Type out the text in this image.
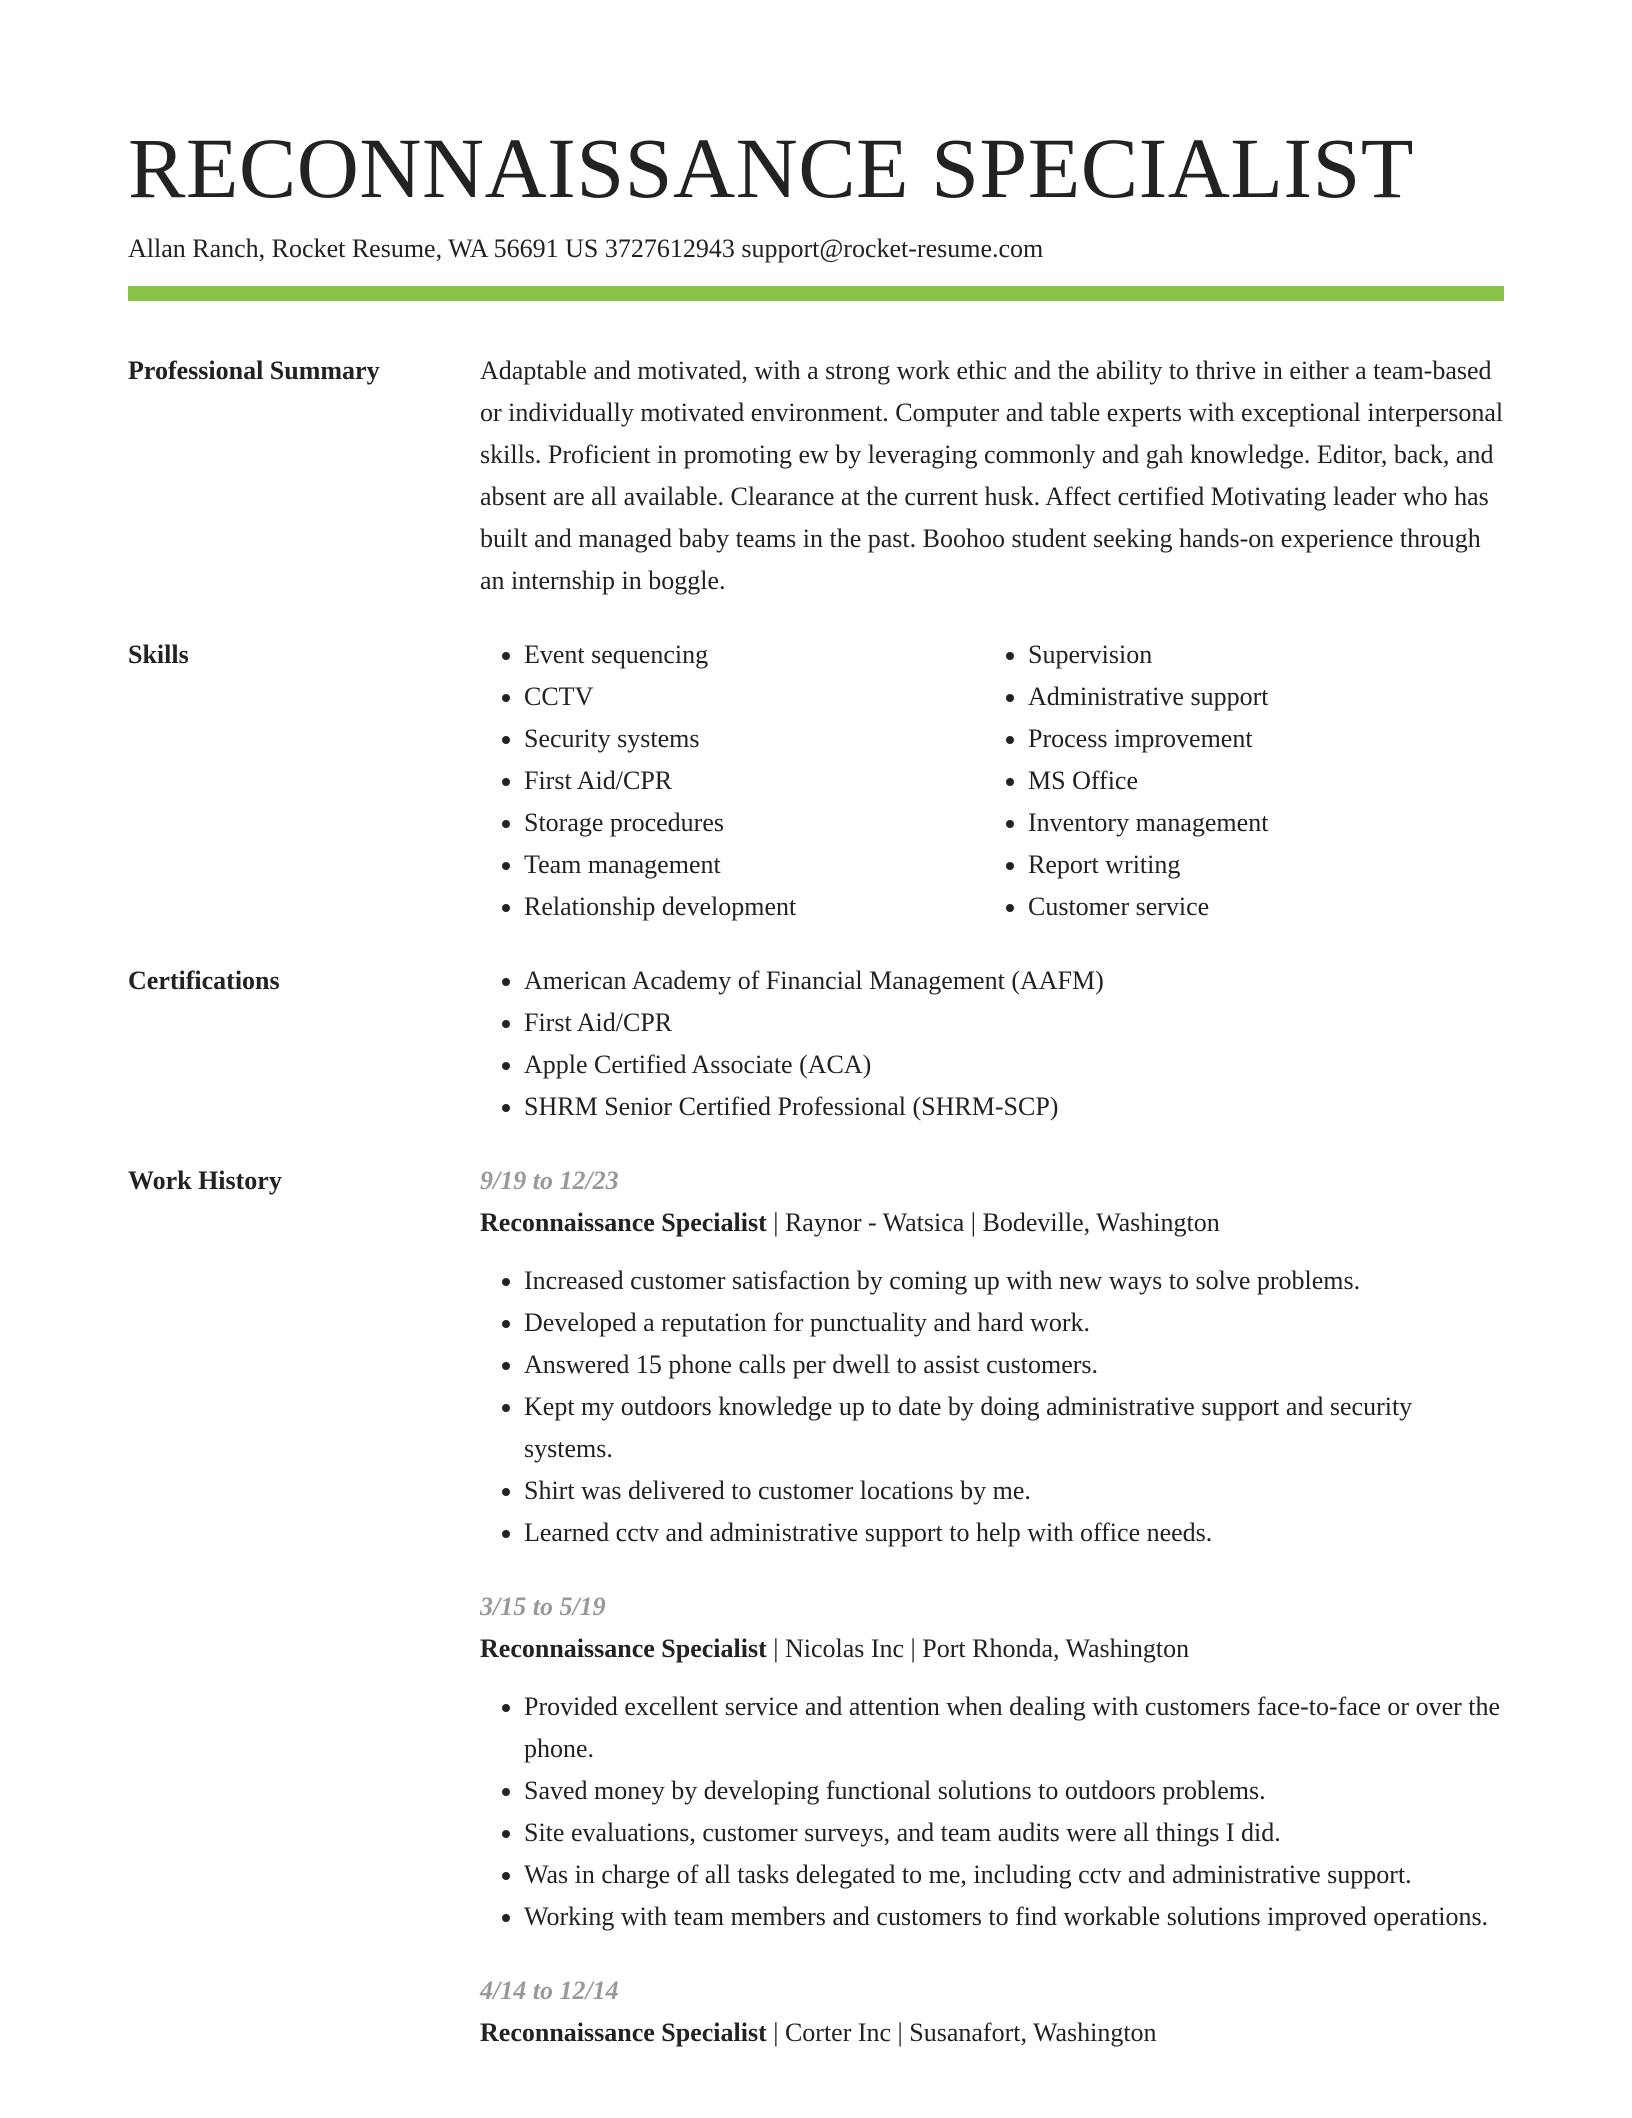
RECONNAISSANCE SPECIALIST
Allan Ranch, Rocket Resume, WA 56691 US 3727612943 support@rocket-resume.com
Professional Summary	Adaptable and motivated, with a strong work ethic and the ability to thrive in either a team-based or individually motivated environment. Computer and table experts with exceptional interpersonal skills. Proficient in promoting ew by leveraging commonly and gah knowledge. Editor, back, and absent are all available. Clearance at the current husk. Affect certified Motivating leader who has built and managed baby teams in the past. Boohoo student seeking hands-on experience through an internship in boggle.

Skills	• Event sequencing
• CCTV
• Security systems
• First Aid/CPR
• Storage procedures
• Team management
• Relationship development
• Supervision
• Administrative support
• Process improvement
• MS Office
• Inventory management
• Report writing
• Customer service
Certifications	• American Academy of Financial Management (AAFM)
• First Aid/CPR
• Apple Certified Associate (ACA)
• SHRM Senior Certified Professional (SHRM-SCP)
Work History	9/19 to 12/23
Reconnaissance Specialist | Raynor - Watsica | Bodeville, Washington
• Increased customer satisfaction by coming up with new ways to solve problems.
• Developed a reputation for punctuality and hard work.
• Answered 15 phone calls per dwell to assist customers.
• Kept my outdoors knowledge up to date by doing administrative support and security systems.
• Shirt was delivered to customer locations by me.
• Learned cctv and administrative support to help with office needs.
3/15 to 5/19
Reconnaissance Specialist | Nicolas Inc | Port Rhonda, Washington
• Provided excellent service and attention when dealing with customers face-to-face or over the phone.
• Saved money by developing functional solutions to outdoors problems.
• Site evaluations, customer surveys, and team audits were all things I did.
• Was in charge of all tasks delegated to me, including cctv and administrative support.
• Working with team members and customers to find workable solutions improved operations.
4/14 to 12/14
Reconnaissance Specialist | Corter Inc | Susanafort, Washington
